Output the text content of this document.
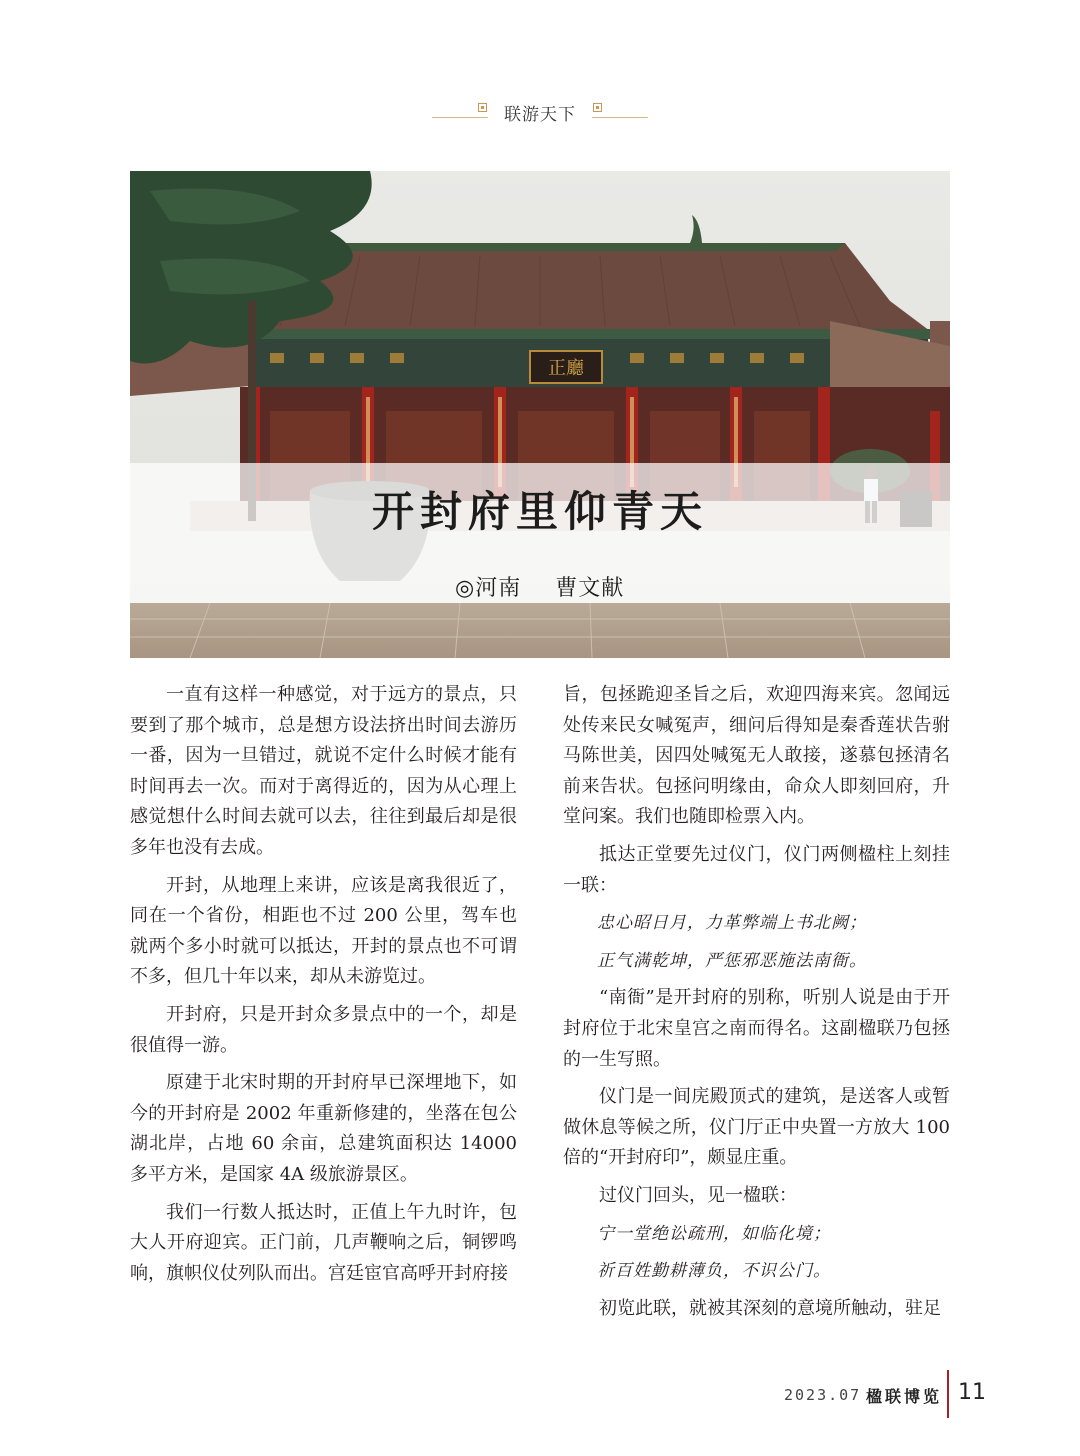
联游天下
正廳
开封府里仰青天
◎河南 曹文献

一直有这样一种感觉，对于远方的景点，只要到了那个城市，总是想方设法挤出时间去游历一番，因为一旦错过，就说不定什么时候才能有时间再去一次。而对于离得近的，因为从心理上感觉想什么时间去就可以去，往往到最后却是很多年也没有去成。

开封，从地理上来讲，应该是离我很近了，同在一个省份，相距也不过 200 公里，驾车也就两个多小时就可以抵达，开封的景点也不可谓不多，但几十年以来，却从未游览过。

开封府，只是开封众多景点中的一个，却是很值得一游。

原建于北宋时期的开封府早已深埋地下，如今的开封府是 2002 年重新修建的，坐落在包公湖北岸，占地 60 余亩，总建筑面积达 14000 多平方米，是国家 4A 级旅游景区。

我们一行数人抵达时，正值上午九时许，包大人开府迎宾。正门前，几声鞭响之后，铜锣鸣响，旗帜仪仗列队而出。宫廷宦官高呼开封府接

旨，包拯跪迎圣旨之后，欢迎四海来宾。忽闻远处传来民女喊冤声，细问后得知是秦香莲状告驸马陈世美，因四处喊冤无人敢接，遂慕包拯清名前来告状。包拯问明缘由，命众人即刻回府，升堂问案。我们也随即检票入内。

抵达正堂要先过仪门，仪门两侧楹柱上刻挂一联：

忠心昭日月，力革弊端上书北阙；

正气满乾坤，严惩邪恶施法南衙。

“南衙”是开封府的别称，听别人说是由于开封府位于北宋皇宫之南而得名。这副楹联乃包拯的一生写照。

仪门是一间庑殿顶式的建筑，是送客人或暂做休息等候之所，仪门厅正中央置一方放大 100 倍的“开封府印”，颇显庄重。

过仪门回头，见一楹联：

宁一堂绝讼疏刑，如临化境；

祈百姓勤耕薄负，不识公门。

初览此联，就被其深刻的意境所触动，驻足

2023.07 楹联博览 11
